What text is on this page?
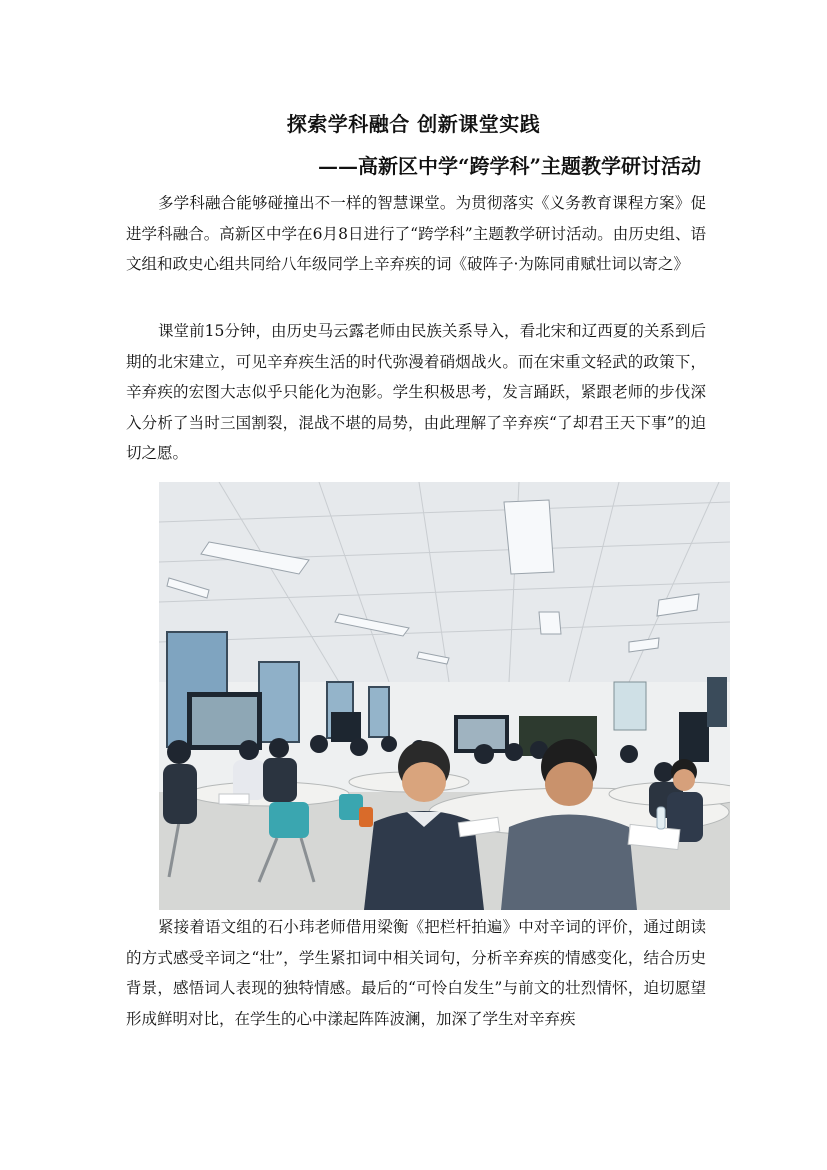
探索学科融合 创新课堂实践
——高新区中学“跨学科”主题教学研讨活动

多学科融合能够碰撞出不一样的智慧课堂。为贯彻落实《义务教育课程方案》促进学科融合。高新区中学在6月8日进行了“跨学科”主题教学研讨活动。由历史组、语文组和政史心组共同给八年级同学上辛弃疾的词《破阵子·为陈同甫赋壮词以寄之》

课堂前15分钟，由历史马云露老师由民族关系导入，看北宋和辽西夏的关系到后期的北宋建立，可见辛弃疾生活的时代弥漫着硝烟战火。而在宋重文轻武的政策下，辛弃疾的宏图大志似乎只能化为泡影。学生积极思考，发言踊跃，紧跟老师的步伐深入分析了当时三国割裂，混战不堪的局势，由此理解了辛弃疾“了却君王天下事”的迫切之愿。

紧接着语文组的石小玮老师借用梁衡《把栏杆拍遍》中对辛词的评价，通过朗读的方式感受辛词之“壮”，学生紧扣词中相关词句，分析辛弃疾的情感变化，结合历史背景，感悟词人表现的独特情感。最后的“可怜白发生”与前文的壮烈情怀，迫切愿望形成鲜明对比，在学生的心中漾起阵阵波澜，加深了学生对辛弃疾
